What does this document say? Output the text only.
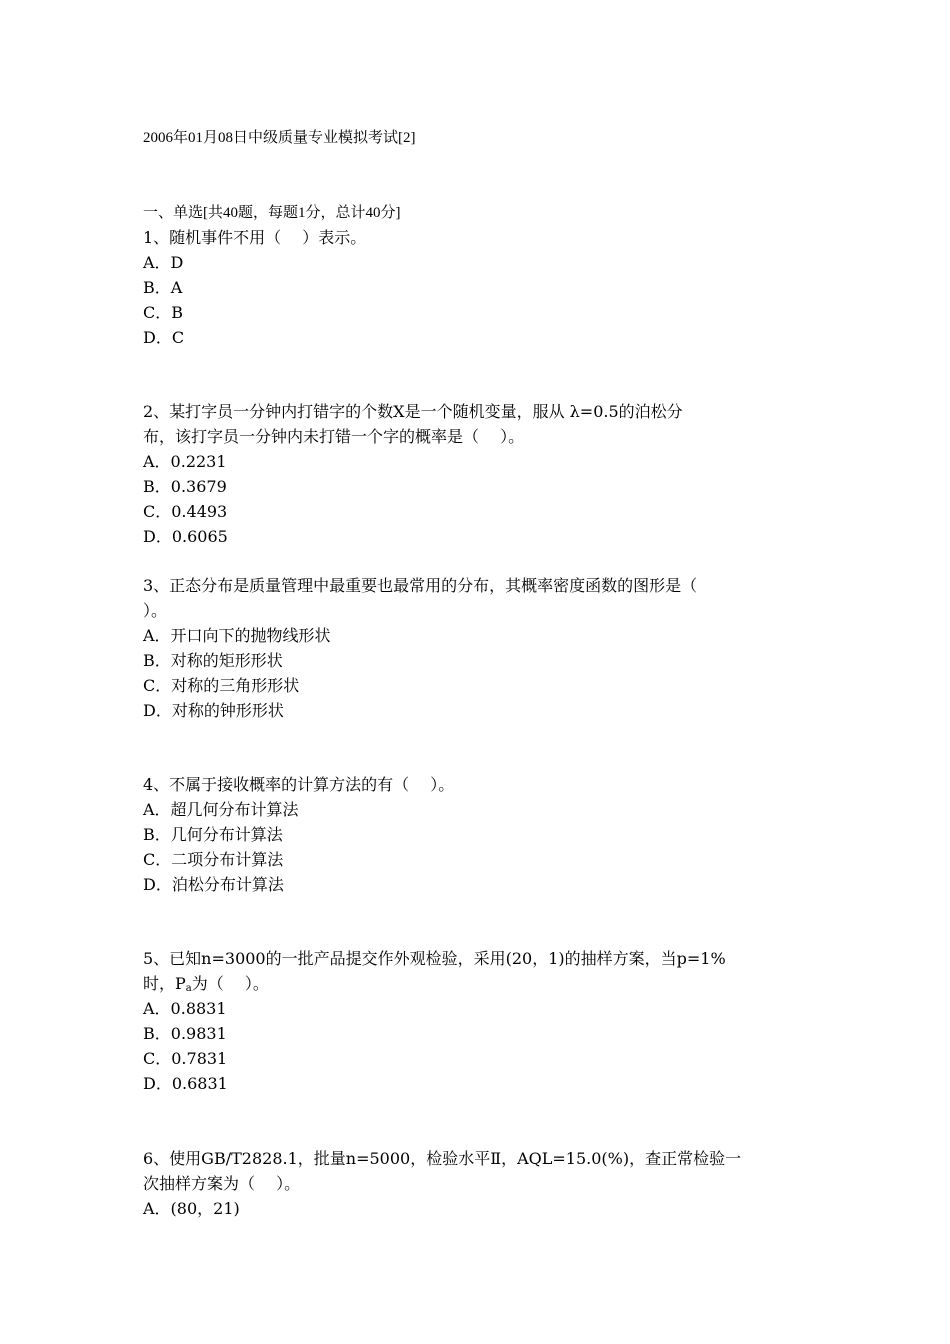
2006年01月08日中级质量专业模拟考试[2]
一、单选[共40题，每题1分，总计40分]
1、随机事件不用（　 ）表示。
A．D
B．A
C．B
D．C
2、某打字员一分钟内打错字的个数X是一个随机变量，服从 λ=0.5的泊松分
布，该打字员一分钟内未打错一个字的概率是（　 ）。
A．0.2231
B．0.3679
C．0.4493
D．0.6065
3、正态分布是质量管理中最重要也最常用的分布，其概率密度函数的图形是（
）。
A．开口向下的抛物线形状
B．对称的矩形形状
C．对称的三角形形状
D．对称的钟形形状
4、不属于接收概率的计算方法的有（　 ）。
A．超几何分布计算法
B．几何分布计算法
C．二项分布计算法
D．泊松分布计算法
5、已知n=3000的一批产品提交作外观检验，采用(20，1)的抽样方案，当p=1%
时，$P_a$为（　 ）。
A．0.8831
B．0.9831
C．0.7831
D．0.6831
6、使用GB/T2828.1，批量n=5000，检验水平Ⅱ，AQL=15.0(%)，查正常检验一
次抽样方案为（　 ）。
A．(80，21)
